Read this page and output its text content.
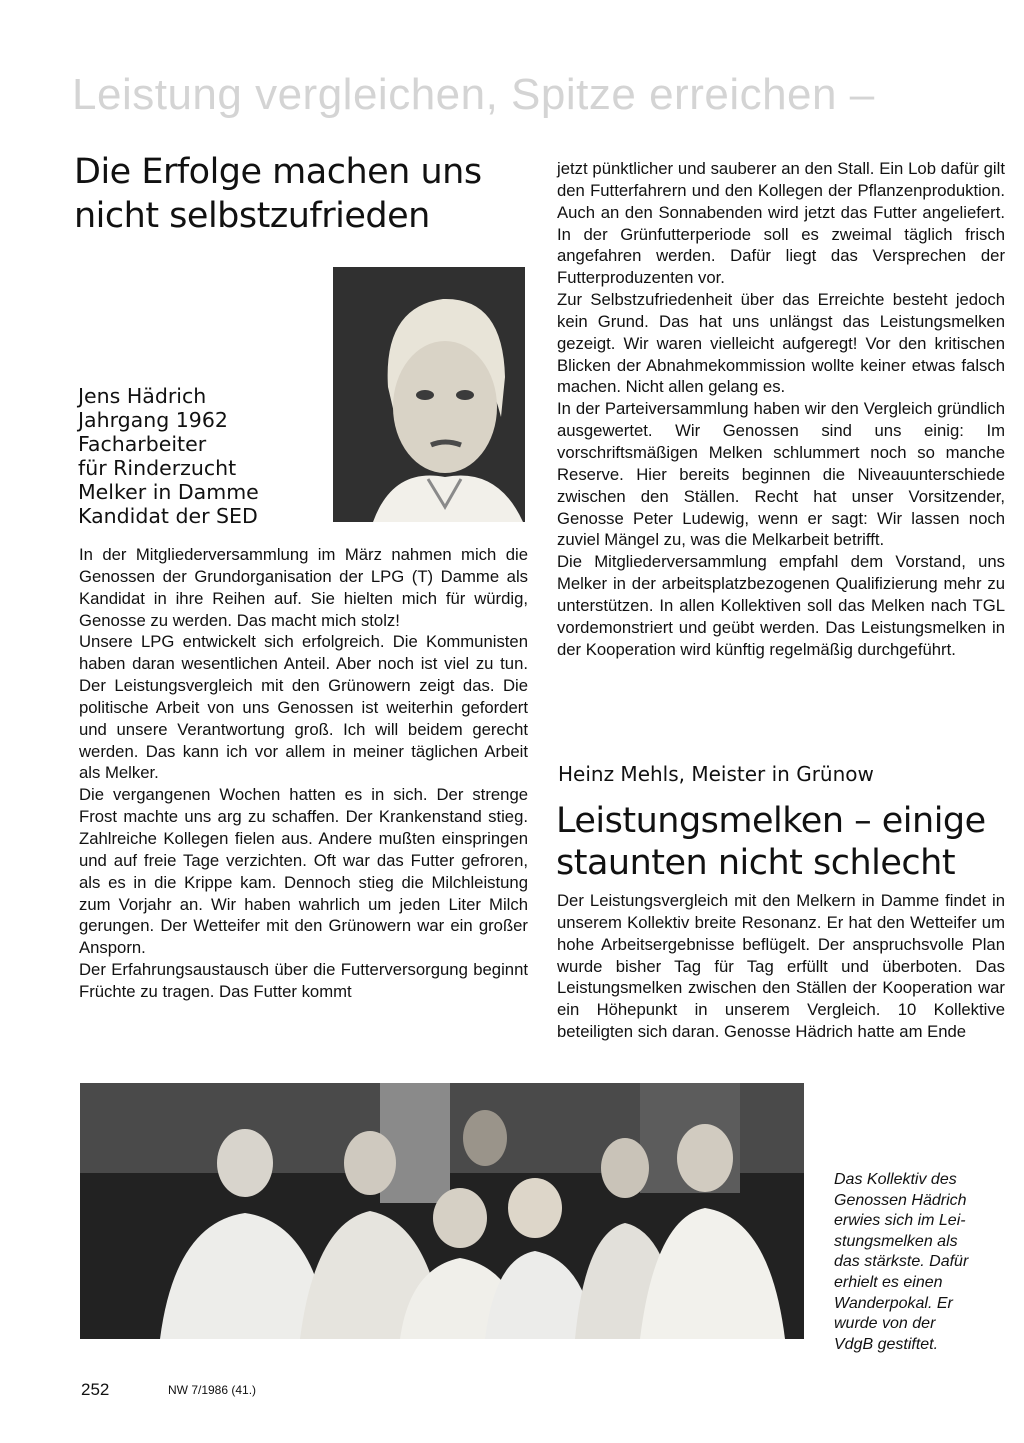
Leistung vergleichen, Spitze erreichen –
Die Erfolge machen uns
nicht selbstzufrieden
Jens Hädrich
Jahrgang 1962
Facharbeiter
für Rinderzucht
Melker in Damme
Kandidat der SED

In der Mitgliederversammlung im März nahmen mich die Genossen der Grundorganisation der LPG (T) Damme als Kandidat in ihre Reihen auf. Sie hielten mich für würdig, Genosse zu werden. Das macht mich stolz!

Unsere LPG entwickelt sich erfolgreich. Die Kommunisten haben daran wesentlichen Anteil. Aber noch ist viel zu tun. Der Leistungsvergleich mit den Grünowern zeigt das. Die politische Arbeit von uns Genossen ist weiterhin gefordert und unsere Verantwortung groß. Ich will beidem gerecht werden. Das kann ich vor allem in meiner täglichen Arbeit als Melker.

Die vergangenen Wochen hatten es in sich. Der strenge Frost machte uns arg zu schaffen. Der Krankenstand stieg. Zahlreiche Kollegen fielen aus. Andere mußten einspringen und auf freie Tage verzichten. Oft war das Futter gefroren, als es in die Krippe kam. Dennoch stieg die Milchleistung zum Vorjahr an. Wir haben wahrlich um jeden Liter Milch gerungen. Der Wetteifer mit den Grünowern war ein großer Ansporn.

Der Erfahrungsaustausch über die Futterversorgung beginnt Früchte zu tragen. Das Futter kommt

jetzt pünktlicher und sauberer an den Stall. Ein Lob dafür gilt den Futterfahrern und den Kollegen der Pflanzenproduktion. Auch an den Sonnabenden wird jetzt das Futter angeliefert. In der Grünfutterperiode soll es zweimal täglich frisch angefahren werden. Dafür liegt das Versprechen der Futterproduzenten vor.

Zur Selbstzufriedenheit über das Erreichte besteht jedoch kein Grund. Das hat uns unlängst das Leistungsmelken gezeigt. Wir waren vielleicht aufgeregt! Vor den kritischen Blicken der Abnahmekommission wollte keiner etwas falsch machen. Nicht allen gelang es.

In der Parteiversammlung haben wir den Vergleich gründlich ausgewertet. Wir Genossen sind uns einig: Im vorschriftsmäßigen Melken schlummert noch so manche Reserve. Hier bereits beginnen die Niveauunterschiede zwischen den Ställen. Recht hat unser Vorsitzender, Genosse Peter Ludewig, wenn er sagt: Wir lassen noch zuviel Mängel zu, was die Melkarbeit betrifft.

Die Mitgliederversammlung empfahl dem Vorstand, uns Melker in der arbeitsplatzbezogenen Qualifizierung mehr zu unterstützen. In allen Kollektiven soll das Melken nach TGL vordemonstriert und geübt werden. Das Leistungsmelken in der Kooperation wird künftig regelmäßig durchgeführt.

Heinz Mehls, Meister in Grünow
Leistungsmelken – einige
staunten nicht schlecht

Der Leistungsvergleich mit den Melkern in Damme findet in unserem Kollektiv breite Resonanz. Er hat den Wetteifer um hohe Arbeitsergebnisse beflügelt. Der anspruchsvolle Plan wurde bisher Tag für Tag erfüllt und überboten. Das Leistungsmelken zwischen den Ställen der Kooperation war ein Höhepunkt in unserem Vergleich. 10 Kollektive beteiligten sich daran. Genosse Hädrich hatte am Ende

Das Kollektiv des
Genossen Hädrich
erwies sich im Lei-
stungsmelken als
das stärkste. Dafür
erhielt es einen
Wanderpokal. Er
wurde von der
VdgB gestiftet.
252	NW 7/1986 (41.)
